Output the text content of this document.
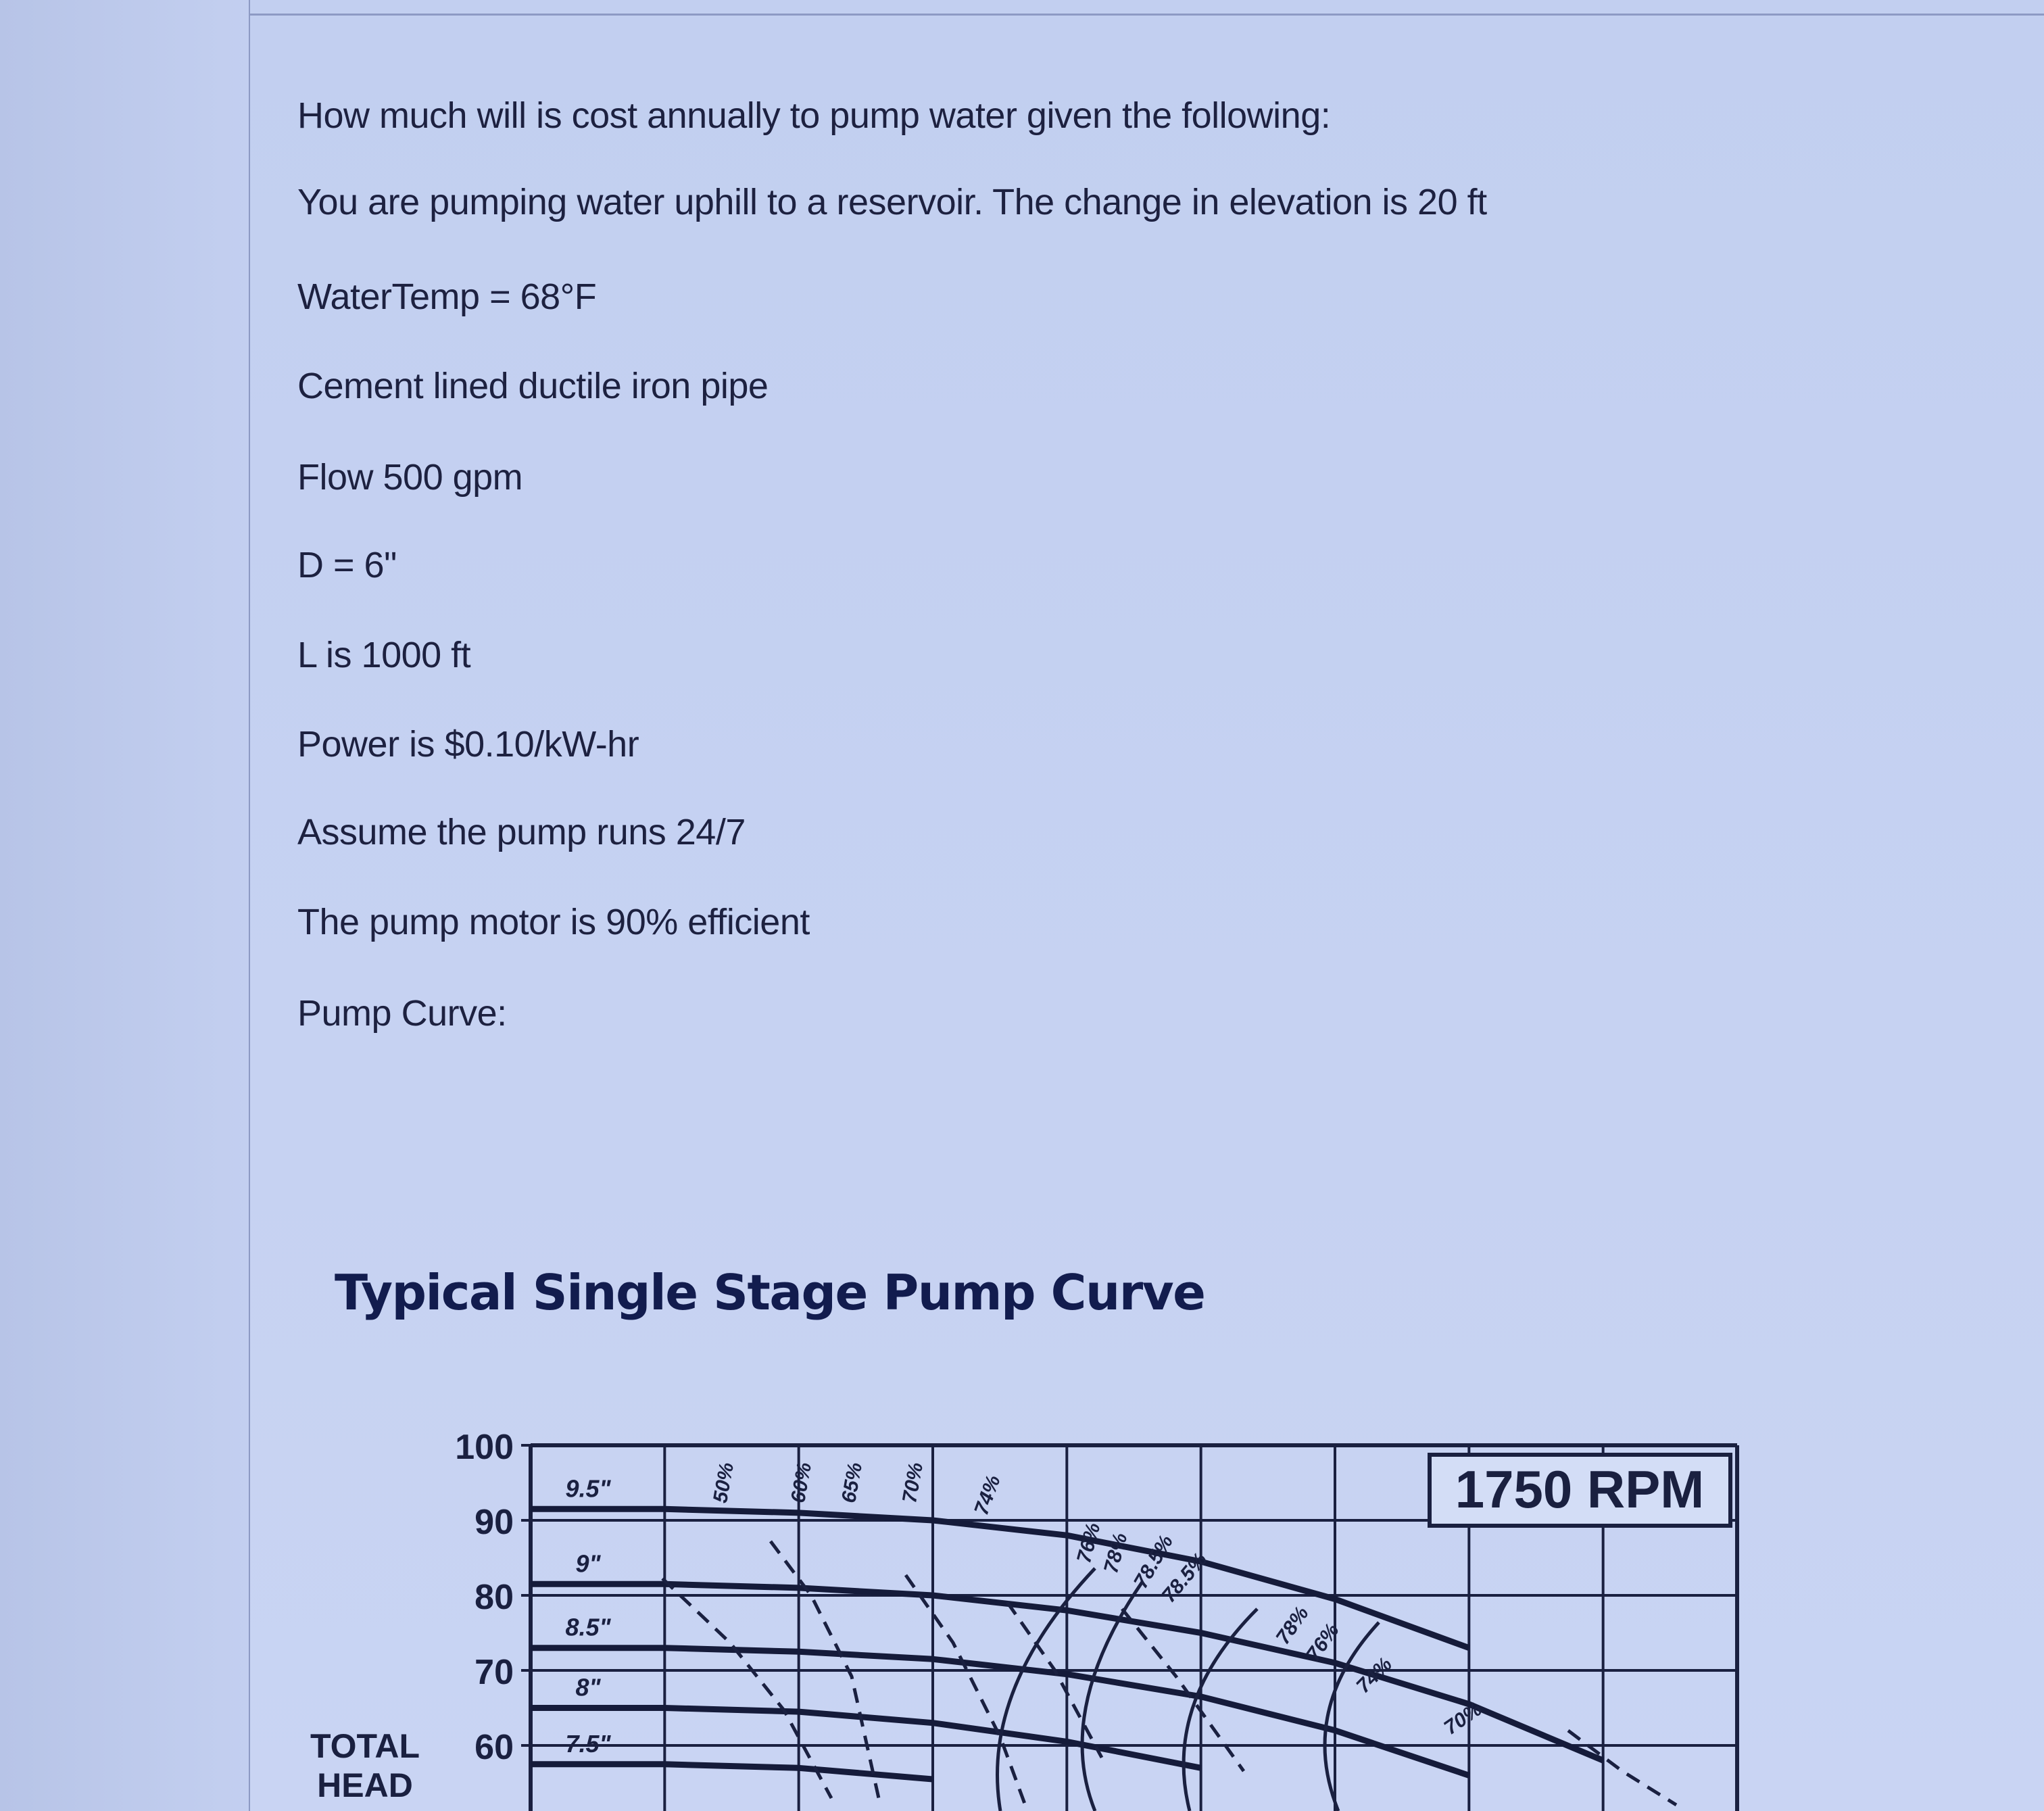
How much will is cost annually to pump water given the following:

You are pumping water uphill to a reservoir. The change in elevation is 20 ft

WaterTemp = 68°F

Cement lined ductile iron pipe

Flow 500 gpm

D = 6"

L is 1000 ft

Power is $0.10/kW-hr

Assume the pump runs 24/7

The pump motor is 90% efficient

Pump Curve:

Typical Single Stage Pump Curve
100
90
80
70
60
TOTAL
HEAD
1750 RPM
9.5"
9"
8.5"
8"
7.5"
50% 60% 65% 70% 74%
76%
78%
78.5%
78.5%
78%
76%
74%
70%
